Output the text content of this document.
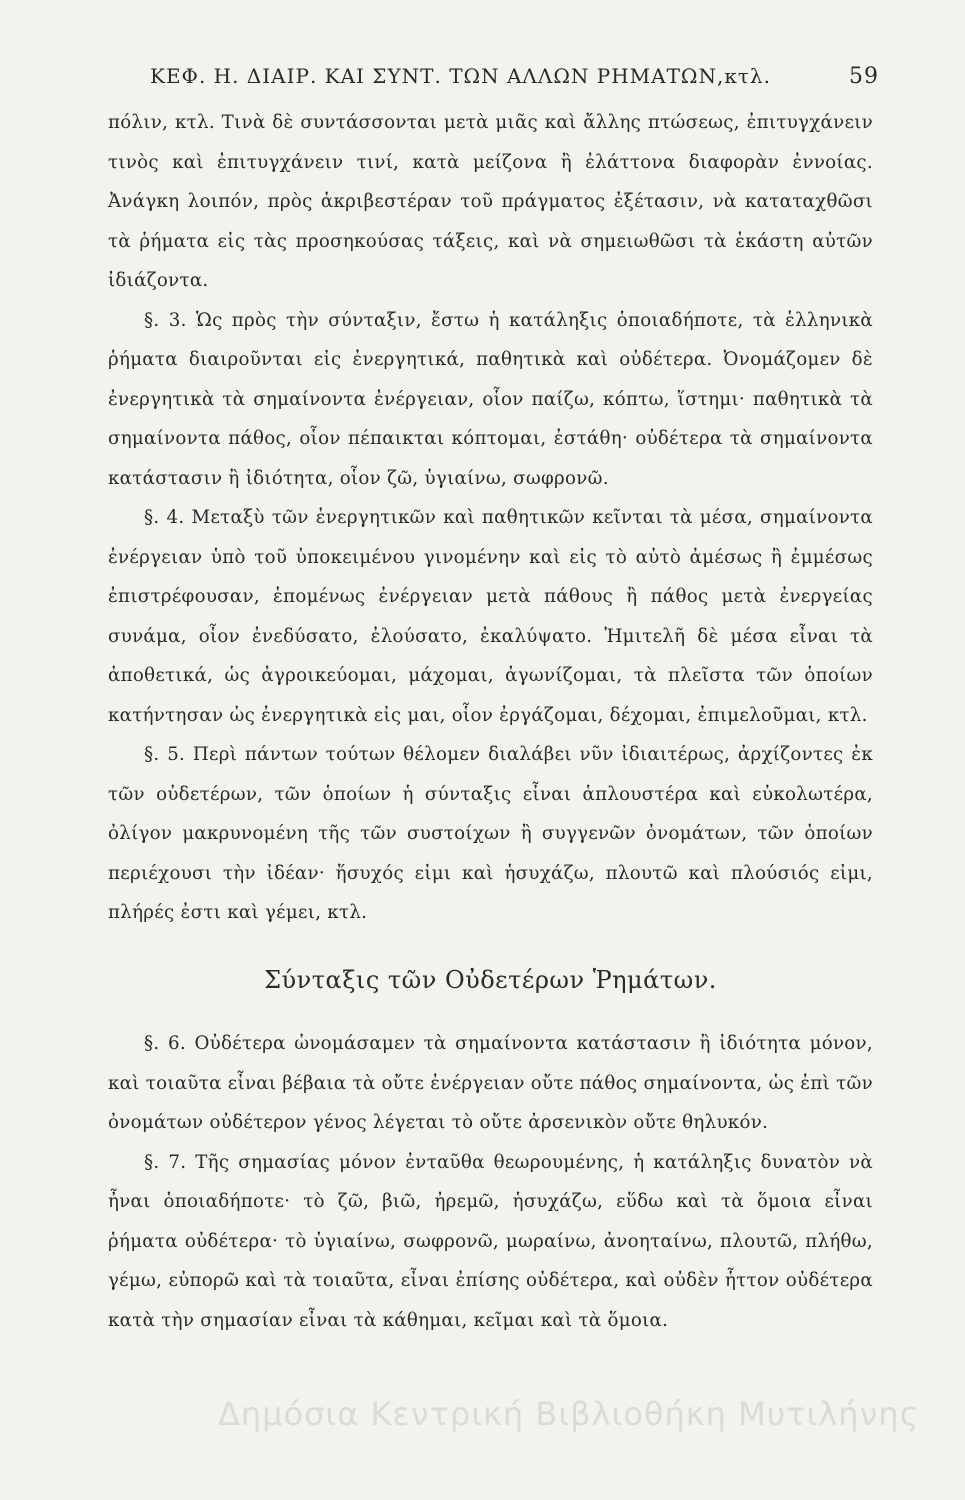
ΚΕΦ. Η. ΔΙΑΙΡ. ΚΑΙ ΣΥΝΤ. ΤΩΝ ΑΛΛΩΝ ΡΗΜΑΤΩΝ,κτλ.	59

πόλιν, κτλ. Τινὰ δὲ συντάσσονται μετὰ μιᾶς καὶ ἄλλης πτώσεως, ἐπιτυγχάνειν τινὸς καὶ ἐπιτυγχάνειν τινί, κατὰ μείζονα ἢ ἐλάττονα διαφορὰν ἐννοίας. Ἀνάγκη λοιπόν, πρὸς ἀκριβεστέραν τοῦ πράγματος ἐξέτασιν, νὰ καταταχθῶσι τὰ ῥήματα εἰς τὰς προσηκούσας τάξεις, καὶ νὰ σημειωθῶσι τὰ ἑκάστη αὐτῶν ἰδιάζοντα.

§. 3. Ὡς πρὸς τὴν σύνταξιν, ἔστω ἡ κατάληξις ὁποιαδήποτε, τὰ ἑλληνικὰ ῥήματα διαιροῦνται εἰς ἐνεργητικά, παθητικὰ καὶ οὐδέτερα. Ὀνομάζομεν δὲ ἐνεργητικὰ τὰ σημαίνοντα ἐνέργειαν, οἷον παίζω, κόπτω, ἵστημι· παθητικὰ τὰ σημαίνοντα πάθος, οἷον πέπαικται κόπτομαι, ἐστάθη· οὐδέτερα τὰ σημαίνοντα κατάστασιν ἢ ἰδιότητα, οἷον ζῶ, ὑγιαίνω, σωφρονῶ.

§. 4. Μεταξὺ τῶν ἐνεργητικῶν καὶ παθητικῶν κεῖνται τὰ μέσα, σημαίνοντα ἐνέργειαν ὑπὸ τοῦ ὑποκειμένου γινομένην καὶ εἰς τὸ αὐτὸ ἀμέσως ἢ ἐμμέσως ἐπιστρέφουσαν, ἑπομένως ἐνέργειαν μετὰ πάθους ἢ πάθος μετὰ ἐνεργείας συνάμα, οἷον ἐνεδύσατο, ἐλούσατο, ἐκαλύψατο. Ἡμιτελῆ δὲ μέσα εἶναι τὰ ἀποθετικά, ὡς ἀγροικεύομαι, μάχομαι, ἀγωνίζομαι, τὰ πλεῖστα τῶν ὁποίων κατήντησαν ὡς ἐνεργητικὰ εἰς μαι, οἷον ἐργάζομαι, δέχομαι, ἐπιμελοῦμαι, κτλ.

§. 5. Περὶ πάντων τούτων θέλομεν διαλάβει νῦν ἰδιαιτέρως, ἀρχίζοντες ἐκ τῶν οὐδετέρων, τῶν ὁποίων ἡ σύνταξις εἶναι ἁπλουστέρα καὶ εὐκολωτέρα, ὀλίγον μακρυνομένη τῆς τῶν συστοίχων ἢ συγγενῶν ὀνομάτων, τῶν ὁποίων περιέχουσι τὴν ἰδέαν· ἥσυχός εἰμι καὶ ἡσυχάζω, πλουτῶ καὶ πλούσιός εἰμι, πλήρές ἐστι καὶ γέμει, κτλ.

Σύνταξις τῶν Οὐδετέρων Ῥημάτων.

§. 6. Οὐδέτερα ὠνομάσαμεν τὰ σημαίνοντα κατάστασιν ἢ ἰδιότητα μόνον, καὶ τοιαῦτα εἶναι βέβαια τὰ οὔτε ἐνέργειαν οὔτε πάθος σημαίνοντα, ὡς ἐπὶ τῶν ὀνομάτων οὐδέτερον γένος λέγεται τὸ οὔτε ἀρσενικὸν οὔτε θηλυκόν.

§. 7. Τῆς σημασίας μόνον ἐνταῦθα θεωρουμένης, ἡ κατάληξις δυνατὸν νὰ ἦναι ὁποιαδήποτε· τὸ ζῶ, βιῶ, ἠρεμῶ, ἡσυχάζω, εὕδω καὶ τὰ ὅμοια εἶναι ῥήματα οὐδέτερα· τὸ ὑγιαίνω, σωφρονῶ, μωραίνω, ἀνοηταίνω, πλουτῶ, πλήθω, γέμω, εὐπορῶ καὶ τὰ τοιαῦτα, εἶναι ἐπίσης οὐδέτερα, καὶ οὐδὲν ἧττον οὐδέτερα κατὰ τὴν σημασίαν εἶναι τὰ κάθημαι, κεῖμαι καὶ τὰ ὅμοια.

Δημόσια Κεντρική Βιβλιοθήκη Μυτιλήνης
